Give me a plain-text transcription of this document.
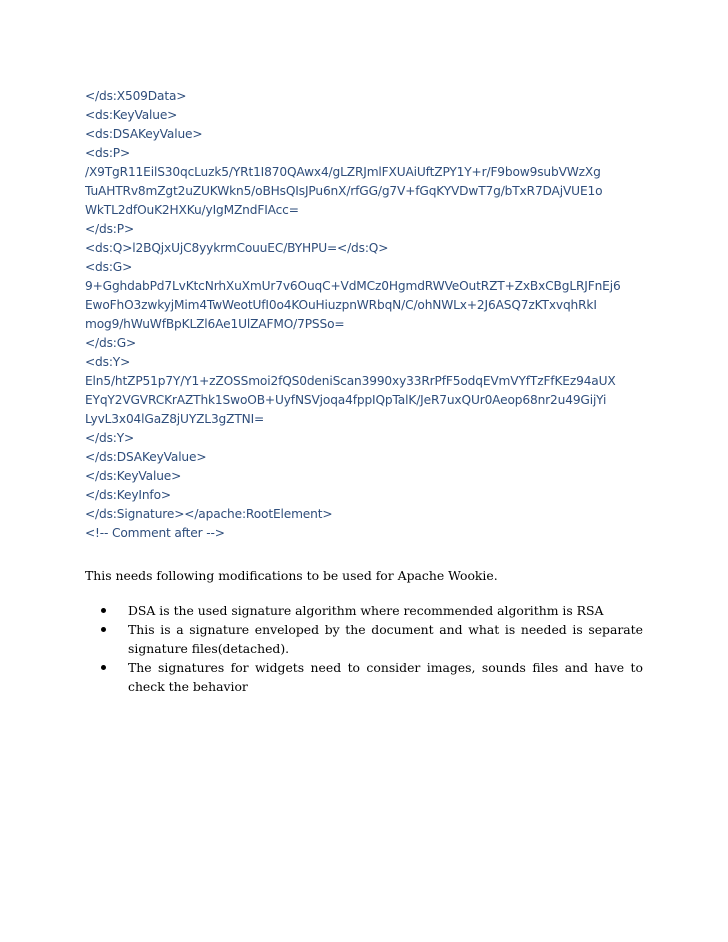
</ds:X509Data>
<ds:KeyValue>
<ds:DSAKeyValue>
<ds:P>
/X9TgR11EilS30qcLuzk5/YRt1I870QAwx4/gLZRJmlFXUAiUftZPY1Y+r/F9bow9subVWzXg
TuAHTRv8mZgt2uZUKWkn5/oBHsQIsJPu6nX/rfGG/g7V+fGqKYVDwT7g/bTxR7DAjVUE1o
WkTL2dfOuK2HXKu/yIgMZndFIAcc=
</ds:P>
<ds:Q>l2BQjxUjC8yykrmCouuEC/BYHPU=</ds:Q>
<ds:G>
9+GghdabPd7LvKtcNrhXuXmUr7v6OuqC+VdMCz0HgmdRWVeOutRZT+ZxBxCBgLRJFnEj6
EwoFhO3zwkyjMim4TwWeotUfI0o4KOuHiuzpnWRbqN/C/ohNWLx+2J6ASQ7zKTxvqhRkI
mog9/hWuWfBpKLZl6Ae1UlZAFMO/7PSSo=
</ds:G>
<ds:Y>
Eln5/htZP51p7Y/Y1+zZOSSmoi2fQS0deniScan3990xy33RrPfF5odqEVmVYfTzFfKEz94aUX
EYqY2VGVRCKrAZThk1SwoOB+UyfNSVjoqa4fppIQpTalK/JeR7uxQUr0Aeop68nr2u49GijYi
LyvL3x04lGaZ8jUYZL3gZTNI=
</ds:Y>
</ds:DSAKeyValue>
</ds:KeyValue>
</ds:KeyInfo>
</ds:Signature></apache:RootElement>
<!-- Comment after -->

This needs following modifications to be used for Apache Wookie.

DSA is the used signature algorithm where recommended algorithm is RSA
This is a signature enveloped by the document and what is needed is separate signature files(detached).
The signatures for widgets need to consider images, sounds files and have to check the behavior
